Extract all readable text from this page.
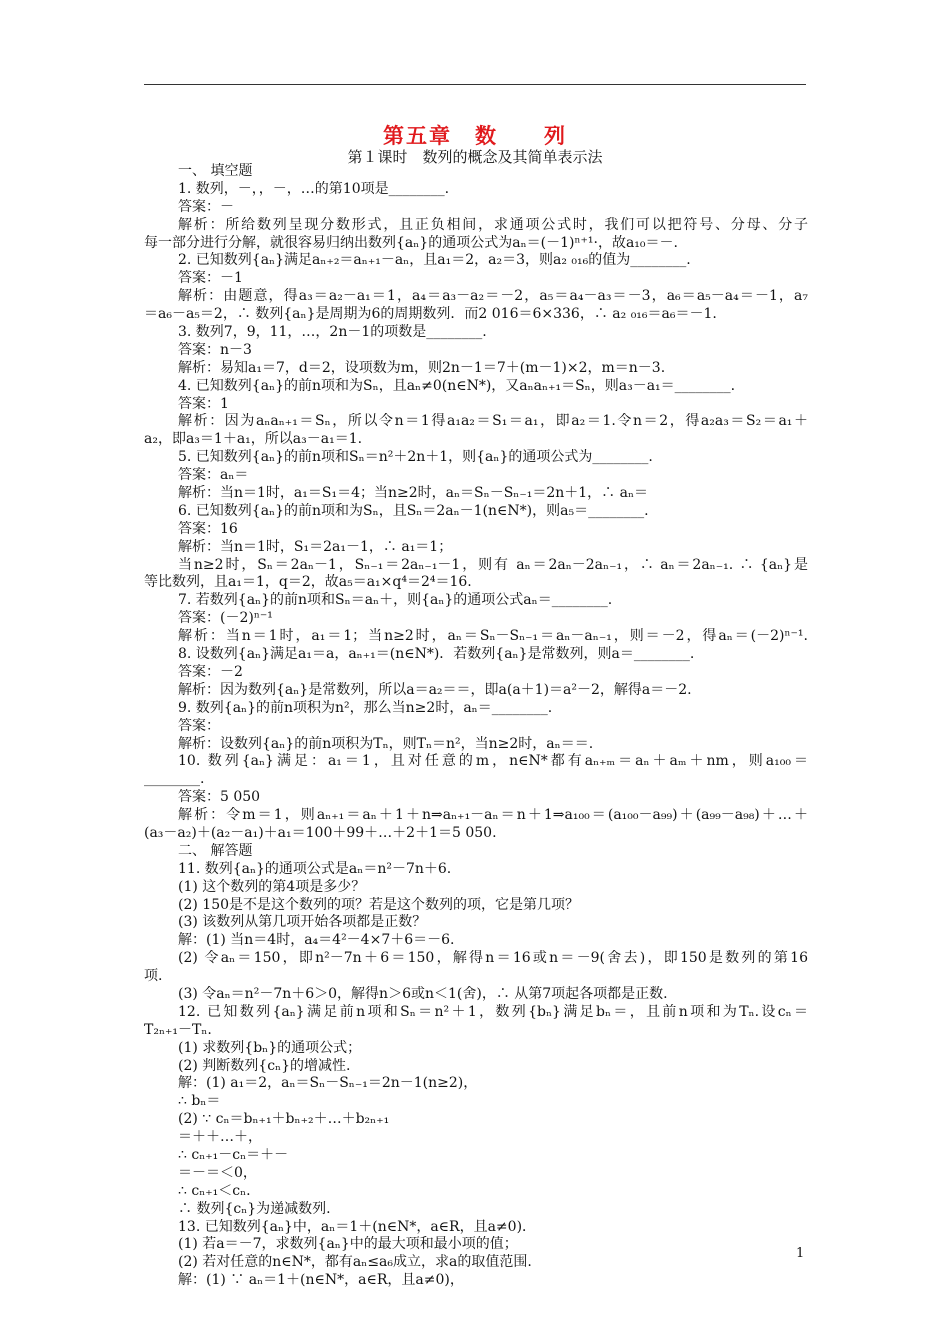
第五章　数　　列
第１课时　数列的概念及其简单表示法
一、 填空题
1. 数列，－，，－，…的第10项是________.
答案：－
解析：所给数列呈现分数形式，且正负相间，求通项公式时，我们可以把符号、分母、分子
每一部分进行分解，就很容易归纳出数列{aₙ}的通项公式为aₙ＝(－1)ⁿ⁺¹·，故a₁₀＝－.
2. 已知数列{aₙ}满足aₙ₊₂＝aₙ₊₁－aₙ，且a₁＝2，a₂＝3，则a₂ ₀₁₆的值为________.
答案：－1
解析：由题意，得a₃＝a₂－a₁＝1，a₄＝a₃－a₂＝－2，a₅＝a₄－a₃＝－3，a₆＝a₅－a₄＝－1，a₇
＝a₆－a₅＝2，∴ 数列{aₙ}是周期为6的周期数列．而2 016＝6×336，∴ a₂ ₀₁₆＝a₆＝－1.
3. 数列7，9，11，…，2n－1的项数是________.
答案：n－3
解析：易知a₁＝7，d＝2，设项数为m，则2n－1＝7＋(m－1)×2，m＝n－3.
4. 已知数列{aₙ}的前n项和为Sₙ，且aₙ≠0(n∈N*)，又aₙaₙ₊₁＝Sₙ，则a₃－a₁＝________.
答案：1
解析：因为aₙaₙ₊₁＝Sₙ，所以令n＝1得a₁a₂＝S₁＝a₁，即a₂＝1.令n＝2，得a₂a₃＝S₂＝a₁＋
a₂，即a₃＝1＋a₁，所以a₃－a₁＝1.
5. 已知数列{aₙ}的前n项和Sₙ＝n²＋2n＋1，则{aₙ}的通项公式为________.
答案：aₙ＝
解析：当n＝1时，a₁＝S₁＝4；当n≥2时，aₙ＝Sₙ－Sₙ₋₁＝2n＋1，∴ aₙ＝
6. 已知数列{aₙ}的前n项和为Sₙ，且Sₙ＝2aₙ－1(n∈N*)，则a₅＝________.
答案：16
解析：当n＝1时，S₁＝2a₁－1，∴ a₁＝1；
当n≥2时，Sₙ＝2aₙ－1，Sₙ₋₁＝2aₙ₋₁－1，则有 aₙ＝2aₙ－2aₙ₋₁，∴ aₙ＝2aₙ₋₁. ∴ {aₙ}是
等比数列，且a₁＝1，q＝2，故a₅＝a₁×q⁴＝2⁴＝16.
7. 若数列{aₙ}的前n项和Sₙ＝aₙ＋，则{aₙ}的通项公式aₙ＝________.
答案：(－2)ⁿ⁻¹
解析：当n＝1时，a₁＝1；当n≥2时，aₙ＝Sₙ－Sₙ₋₁＝aₙ－aₙ₋₁，则＝－2，得aₙ＝(－2)ⁿ⁻¹.
8. 设数列{aₙ}满足a₁＝a，aₙ₊₁＝(n∈N*)．若数列{aₙ}是常数列，则a＝________.
答案：－2
解析：因为数列{aₙ}是常数列，所以a＝a₂＝＝，即a(a＋1)＝a²－2，解得a＝－2.
9. 数列{aₙ}的前n项积为n²，那么当n≥2时，aₙ＝________.
答案：
解析：设数列{aₙ}的前n项积为Tₙ，则Tₙ＝n²，当n≥2时，aₙ＝＝.
10. 数列{aₙ}满足：a₁＝1，且对任意的m，n∈N*都有aₙ₊ₘ＝aₙ＋aₘ＋nm，则a₁₀₀＝
________.
答案：5 050
解析：令m＝1，则aₙ₊₁＝aₙ＋1＋n⇒aₙ₊₁－aₙ＝n＋1⇒a₁₀₀＝(a₁₀₀－a₉₉)＋(a₉₉－a₉₈)＋…＋
(a₃－a₂)＋(a₂－a₁)＋a₁＝100＋99＋…＋2＋1＝5 050.
二、 解答题
11. 数列{aₙ}的通项公式是aₙ＝n²－7n＋6.
(1) 这个数列的第4项是多少？
(2) 150是不是这个数列的项？若是这个数列的项，它是第几项？
(3) 该数列从第几项开始各项都是正数？
解：(1) 当n＝4时，a₄＝4²－4×7＋6＝－6.
(2) 令aₙ＝150，即n²－7n＋6＝150，解得n＝16或n＝－9(舍去)，即150是数列的第16
项.
(3) 令aₙ＝n²－7n＋6＞0，解得n＞6或n＜1(舍)，∴ 从第7项起各项都是正数.
12. 已知数列{aₙ}满足前n项和Sₙ＝n²＋1，数列{bₙ}满足bₙ＝，且前n项和为Tₙ.设cₙ＝
T₂ₙ₊₁－Tₙ.
(1) 求数列{bₙ}的通项公式；
(2) 判断数列{cₙ}的增减性.
解：(1) a₁＝2，aₙ＝Sₙ－Sₙ₋₁＝2n－1(n≥2)，
∴ bₙ＝
(2) ∵ cₙ＝bₙ₊₁＋bₙ₊₂＋…＋b₂ₙ₊₁
＝＋＋…＋，
∴ cₙ₊₁－cₙ＝＋－
＝－＝＜0，
∴ cₙ₊₁＜cₙ.
∴ 数列{cₙ}为递减数列.
13. 已知数列{aₙ}中，aₙ＝1＋(n∈N*，a∈R，且a≠0)．
(1) 若a＝－7，求数列{aₙ}中的最大项和最小项的值；
(2) 若对任意的n∈N*，都有aₙ≤a₆成立，求a的取值范围.
解：(1) ∵ aₙ＝1＋(n∈N*，a∈R，且a≠0)，
1
